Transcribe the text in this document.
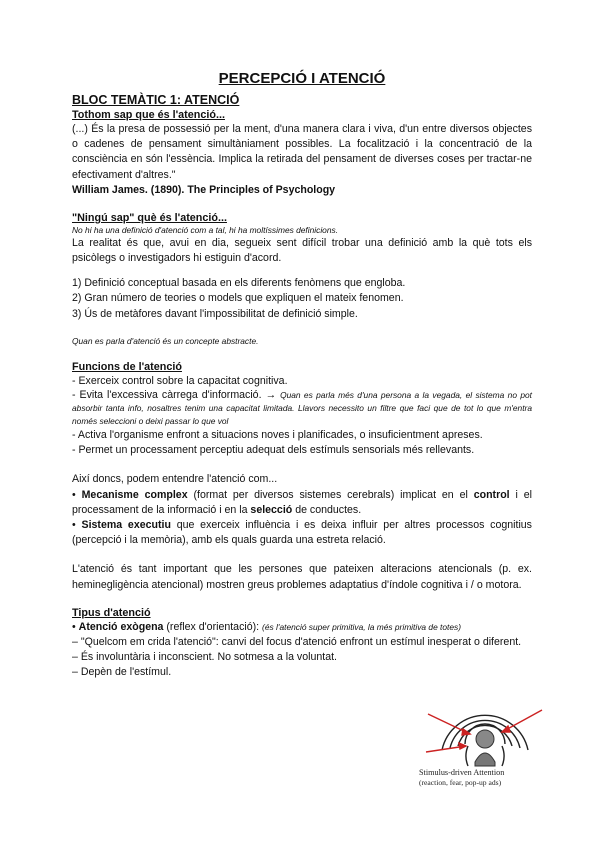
PERCEPCIÓ I ATENCIÓ
BLOC TEMÀTIC 1: ATENCIÓ
Tothom sap que és l'atenció...

(...) És la presa de possessió per la ment, d'una manera clara i viva, d'un entre diversos objectes o cadenes de pensament simultàniament possibles. La focalització i la concentració de la consciència en són l'essència. Implica la retirada del pensament de diverses coses per tractar-ne efectivament d'altres."

William James. (1890). The Principles of Psychology

"Ningú sap" què és l'atenció...

No hi ha una definició d'atenció com a tal, hi ha moltíssimes definicions.

La realitat és que, avui en dia, segueix sent difícil trobar una definició amb la què tots els psicòlegs o investigadors hi estiguin d'acord.

1) Definició conceptual basada en els diferents fenòmens que engloba.

2) Gran número de teories o models que expliquen el mateix fenomen.

3) Ús de metàfores davant l'impossibilitat de definició simple.

Quan es parla d'atenció és un concepte abstracte.

Funcions de l'atenció

- Exerceix control sobre la capacitat cognitiva.

- Evita l'excessiva càrrega d'informació. → Quan es parla més d'una persona a la vegada, el sistema no pot absorbir tanta info, nosaltres tenim una capacitat limitada. Llavors necessito un filtre que faci que de tot lo que m'entra només seleccioni o deixi passar lo que vol

- Activa l'organisme enfront a situacions noves i planificades, o insuficientment apreses.

- Permet un processament perceptiu adequat dels estímuls sensorials més rellevants.

Així doncs, podem entendre l'atenció com...

• Mecanisme complex (format per diversos sistemes cerebrals) implicat en el control i el processament de la informació i en la selecció de conductes.

• Sistema executiu que exerceix influència i es deixa influir per altres processos cognitius (percepció i la memòria), amb els quals guarda una estreta relació.

L'atenció és tant important que les persones que pateixen alteracions atencionals (p. ex. heminegligència atencional) mostren greus problemes adaptatius d'índole cognitiva i / o motora.

Tipus d'atenció

• Atenció exògena (reflex d'orientació): (és l'atenció super primitiva, la més primitiva de totes)

– "Quelcom em crida l'atenció": canvi del focus d'atenció enfront un estímul inesperat o diferent.

– És involuntària i inconscient. No sotmesa a la voluntat.

– Depèn de l'estímul.

Stimulus-driven Attention
(reaction, fear, pop-up ads)
